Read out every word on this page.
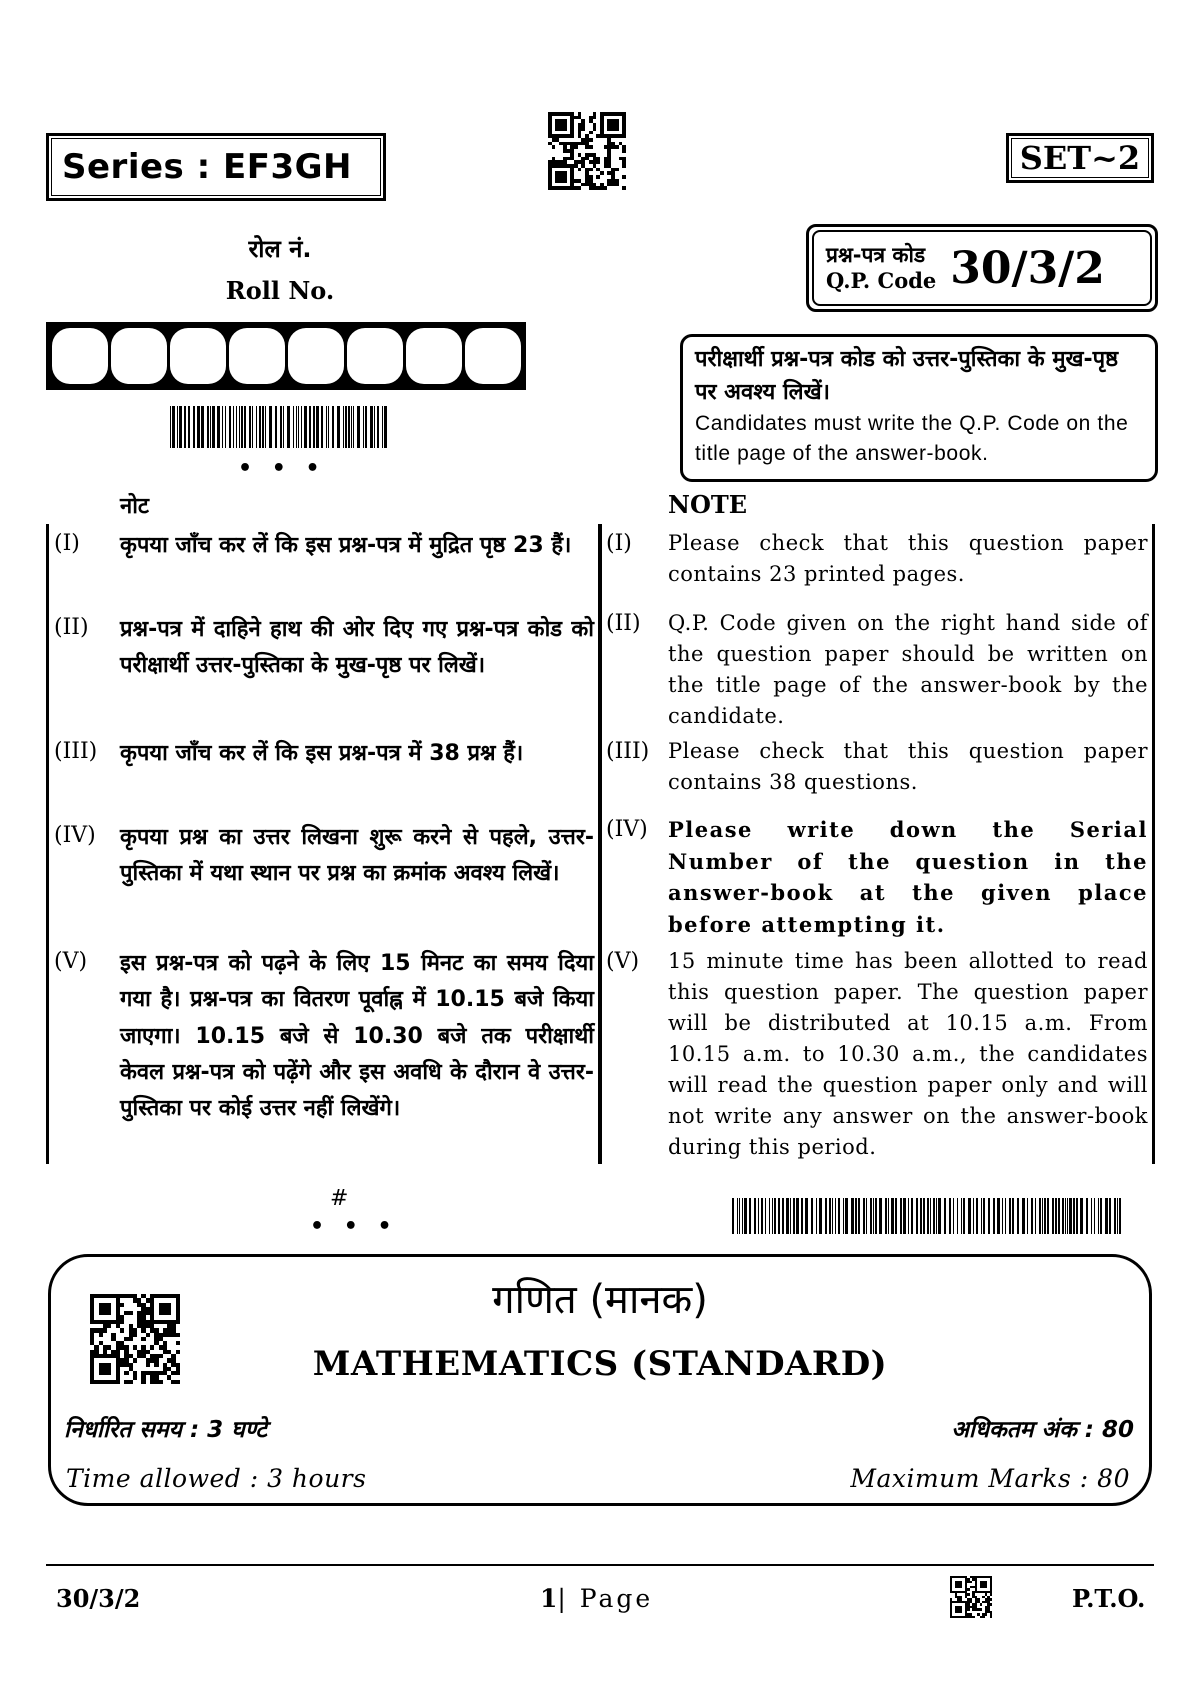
Series : EF3GH	SET~2
रोल नं.
Roll No.
प्रश्न-पत्र कोड
Q.P. Code 30/3/2
परीक्षार्थी प्रश्न-पत्र कोड को उत्तर-पुस्तिका के मुख-पृष्ठ पर अवश्य लिखें।
Candidates must write the Q.P. Code on the title page of the answer-book.
• • •
नोट	NOTE
(I)	कृपया जाँच कर लें कि इस प्रश्न-पत्र में मुद्रित पृष्ठ 23 हैं।
(II)	प्रश्न-पत्र में दाहिने हाथ की ओर दिए गए प्रश्न-पत्र कोड को परीक्षार्थी उत्तर-पुस्तिका के मुख-पृष्ठ पर लिखें।
(III)	कृपया जाँच कर लें कि इस प्रश्न-पत्र में 38 प्रश्न हैं।
(IV)	कृपया प्रश्न का उत्तर लिखना शुरू करने से पहले, उत्तर-पुस्तिका में यथा स्थान पर प्रश्न का क्रमांक अवश्य लिखें।
(V)	इस प्रश्न-पत्र को पढ़ने के लिए 15 मिनट का समय दिया गया है। प्रश्न-पत्र का वितरण पूर्वाह्न में 10.15 बजे किया जाएगा। 10.15 बजे से 10.30 बजे तक परीक्षार्थी केवल प्रश्न-पत्र को पढ़ेंगे और इस अवधि के दौरान वे उत्तर-पुस्तिका पर कोई उत्तर नहीं लिखेंगे।
(I)	Please check that this question paper contains 23 printed pages.
(II)	Q.P. Code given on the right hand side of the question paper should be written on the title page of the answer-book by the candidate.
(III) Please check that this question paper contains 38 questions.
(IV) Please write down the Serial Number of the question in the answer-book at the given place before attempting it.
(V)	15 minute time has been allotted to read this question paper. The question paper will be distributed at 10.15 a.m. From 10.15 a.m. to 10.30 a.m., the candidates will read the question paper only and will not write any answer on the answer-book during this period.
#
• • •
गणित (मानक)
MATHEMATICS (STANDARD)
निर्धारित समय : 3 घण्टे	अधिकतम अंक : 80
Time allowed : 3 hours	Maximum Marks : 80
30/3/2	1| Page	P.T.O.
